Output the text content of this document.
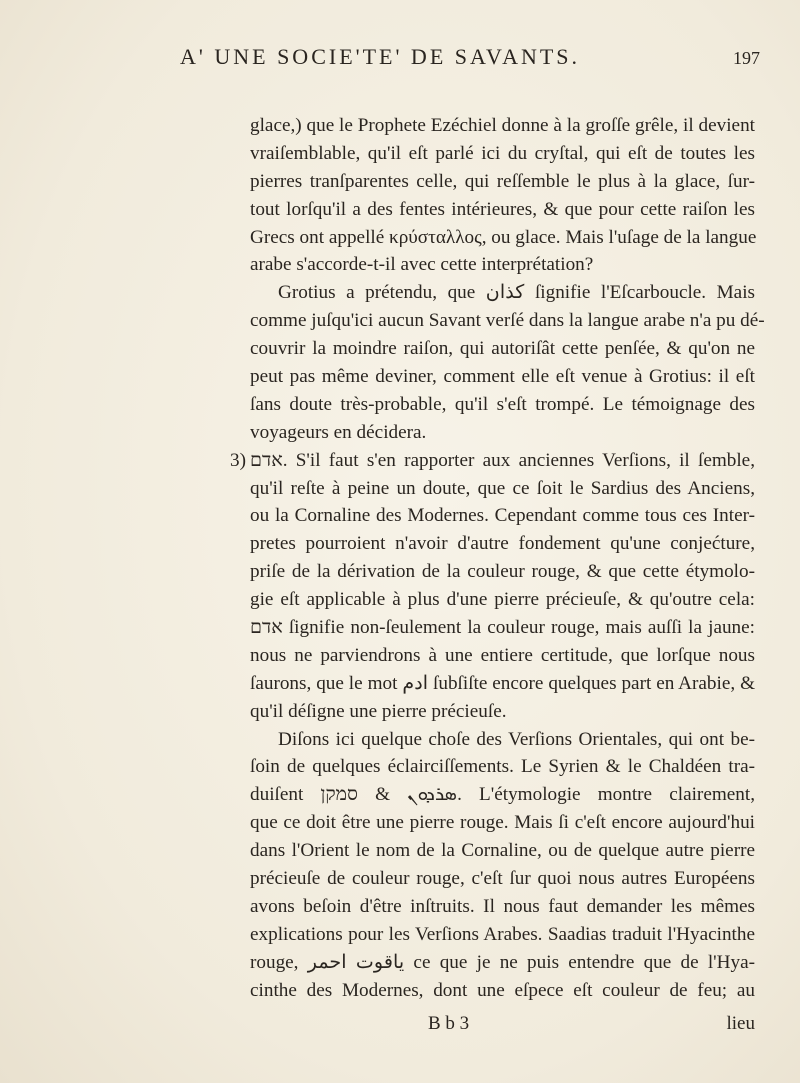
A' UNE SOCIE'TE' DE SAVANTS.	197
glace,) que le Prophete Ezéchiel donne à la groſſe grêle, il devient
vraiſemblable, qu'il eſt parlé ici du cryſtal, qui eſt de toutes les
pierres tranſparentes celle, qui reſſemble le plus à la glace, ſur-
tout lorſqu'il a des fentes intérieures, & que pour cette raiſon les
Grecs ont appellé κρύσταλλος, ou glace. Mais l'uſage de la langue
arabe s'accorde-t-il avec cette interprétation?
Grotius a prétendu, que كذان ſignifie l'Eſcarboucle. Mais
comme juſqu'ici aucun Savant verſé dans la langue arabe n'a pu dé-
couvrir la moindre raiſon, qui autoriſât cette penſée, & qu'on ne
peut pas même deviner, comment elle eſt venue à Grotius: il eſt
ſans doute très-probable, qu'il s'eſt trompé. Le témoignage des
voyageurs en décidera.
3) אדם. S'il faut s'en rapporter aux anciennes Verſions, il ſemble,
qu'il reſte à peine un doute, que ce ſoit le Sardius des Anciens,
ou la Cornaline des Modernes. Cependant comme tous ces Inter-
pretes pourroient n'avoir d'autre fondement qu'une conjećture,
priſe de la dérivation de la couleur rouge, & que cette étymolo-
gie eſt applicable à plus d'une pierre précieuſe, & qu'outre cela:
אדם ſignifie non-ſeulement la couleur rouge, mais auſſi la jaune:
nous ne parviendrons à une entiere certitude, que lorſque nous
ſaurons, que le mot ادم ſubſiſte encore quelques part en Arabie, &
qu'il déſigne une pierre précieuſe.
Diſons ici quelque choſe des Verſions Orientales, qui ont be-
ſoin de quelques éclairciſſements. Le Syrien & le Chaldéen tra-
duiſent ܣܪܕܘܢ & סמקן. L'étymologie montre clairement,
que ce doit être une pierre rouge. Mais ſi c'eſt encore aujourd'hui
dans l'Orient le nom de la Cornaline, ou de quelque autre pierre
précieuſe de couleur rouge, c'eſt ſur quoi nous autres Européens
avons beſoin d'être inſtruits. Il nous faut demander les mêmes
explications pour les Verſions Arabes. Saadias traduit l'Hyacinthe
rouge, ياقوت احمر ce que je ne puis entendre que de l'Hya-
cinthe des Modernes, dont une eſpece eſt couleur de feu; au
B b 3	lieu
